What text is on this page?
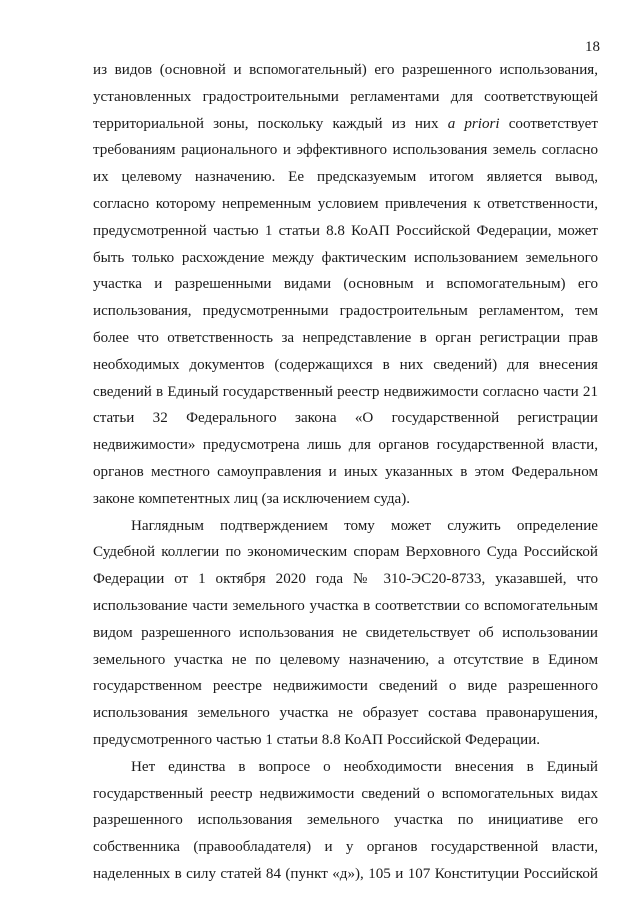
18
из видов (основной и вспомогательный) его разрешенного использования,
установленных градостроительными регламентами для соответствующей
территориальной зоны, поскольку каждый из них a priori соответствует
требованиям рационального и эффективного использования земель согласно
их целевому назначению. Ее предсказуемым итогом является вывод,
согласно которому непременным условием привлечения к ответственности,
предусмотренной частью 1 статьи 8.8 КоАП Российской Федерации, может
быть только расхождение между фактическим использованием земельного
участка и разрешенными видами (основным и вспомогательным) его
использования, предусмотренными градостроительным регламентом, тем
более что ответственность за непредставление в орган регистрации прав
необходимых документов (содержащихся в них сведений) для внесения
сведений в Единый государственный реестр недвижимости согласно части 21
статьи 32 Федерального закона «О государственной регистрации
недвижимости» предусмотрена лишь для органов государственной власти,
органов местного самоуправления и иных указанных в этом Федеральном
законе компетентных лиц (за исключением суда).
Наглядным подтверждением тому может служить определение
Судебной коллегии по экономическим спорам Верховного Суда Российской
Федерации от 1 октября 2020 года № 310-ЭС20-8733, указавшей, что
использование части земельного участка в соответствии со вспомогательным
видом разрешенного использования не свидетельствует об использовании
земельного участка не по целевому назначению, а отсутствие в Едином
государственном реестре недвижимости сведений о виде разрешенного
использования земельного участка не образует состава правонарушения,
предусмотренного частью 1 статьи 8.8 КоАП Российской Федерации.
Нет единства в вопросе о необходимости внесения в Единый
государственный реестр недвижимости сведений о вспомогательных видах
разрешенного использования земельного участка по инициативе его
собственника (правообладателя) и у органов государственной власти,
наделенных в силу статей 84 (пункт «д»), 105 и 107 Конституции Российской
